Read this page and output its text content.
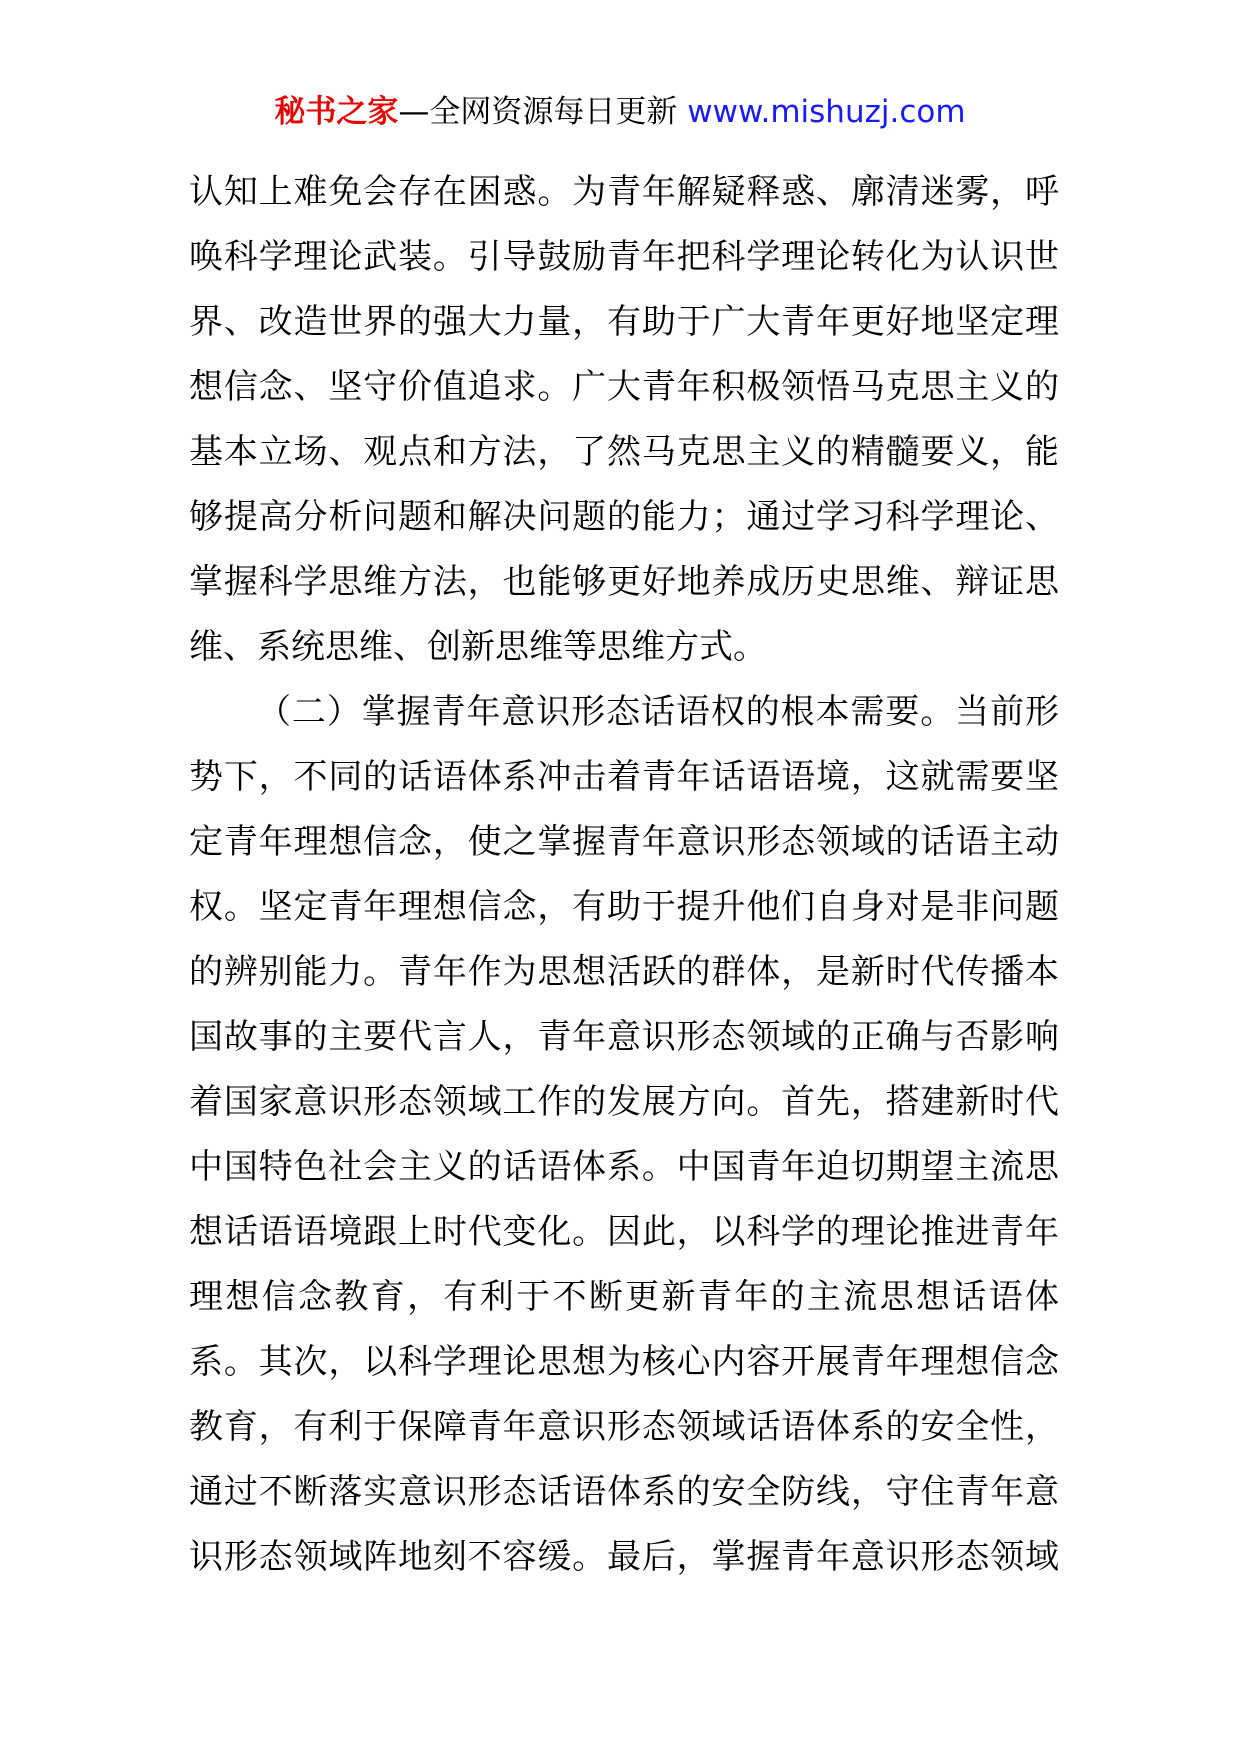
秘书之家—全网资源每日更新 www.mishuzj.com
认知上难免会存在困惑。为青年解疑释惑、廓清迷雾，呼
唤科学理论武装。引导鼓励青年把科学理论转化为认识世
界、改造世界的强大力量，有助于广大青年更好地坚定理
想信念、坚守价值追求。广大青年积极领悟马克思主义的
基本立场、观点和方法，了然马克思主义的精髓要义，能
够提高分析问题和解决问题的能力；通过学习科学理论、
掌握科学思维方法，也能够更好地养成历史思维、辩证思
维、系统思维、创新思维等思维方式。
（二）掌握青年意识形态话语权的根本需要。当前形
势下，不同的话语体系冲击着青年话语语境，这就需要坚
定青年理想信念，使之掌握青年意识形态领域的话语主动
权。坚定青年理想信念，有助于提升他们自身对是非问题
的辨别能力。青年作为思想活跃的群体，是新时代传播本
国故事的主要代言人，青年意识形态领域的正确与否影响
着国家意识形态领域工作的发展方向。首先，搭建新时代
中国特色社会主义的话语体系。中国青年迫切期望主流思
想话语语境跟上时代变化。因此，以科学的理论推进青年
理想信念教育，有利于不断更新青年的主流思想话语体
系。其次，以科学理论思想为核心内容开展青年理想信念
教育，有利于保障青年意识形态领域话语体系的安全性，
通过不断落实意识形态话语体系的安全防线，守住青年意
识形态领域阵地刻不容缓。最后，掌握青年意识形态领域
